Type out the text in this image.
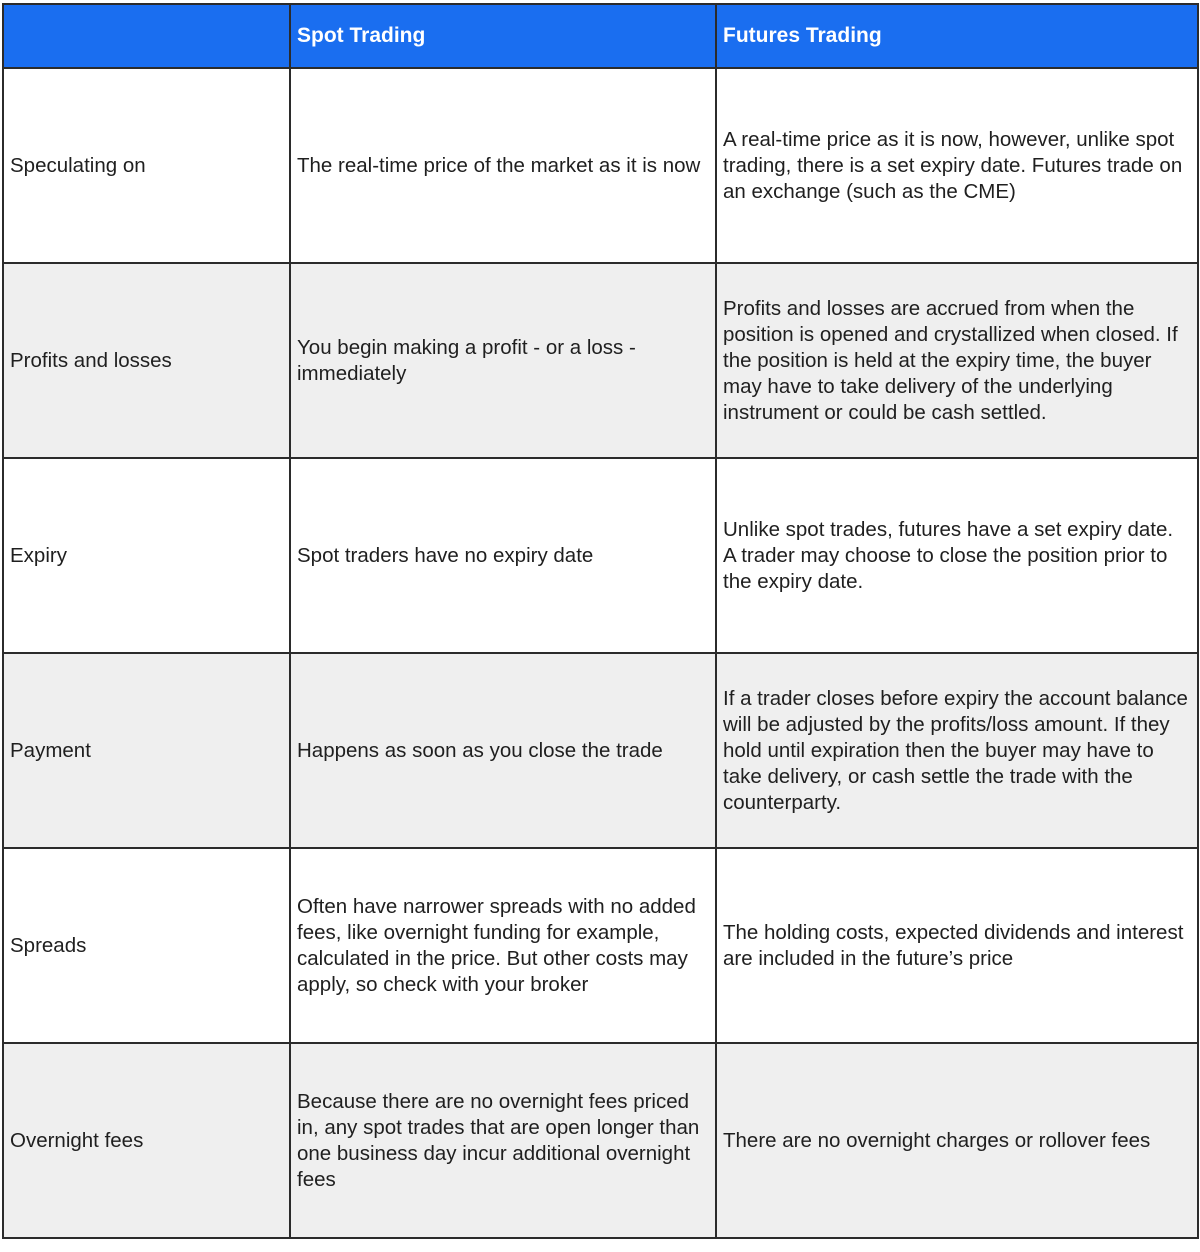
	Spot Trading	Futures Trading
Speculating on	The real-time price of the market as it is now	A real-time price as it is now, however, unlike spot trading, there is a set expiry date. Futures trade on an exchange (such as the CME)
Profits and losses	You begin making a profit - or a loss - immediately	Profits and losses are accrued from when the position is opened and crystallized when closed. If the position is held at the expiry time, the buyer may have to take delivery of the underlying instrument or could be cash settled.
Expiry	Spot traders have no expiry date	Unlike spot trades, futures have a set expiry date. A trader may choose to close the position prior to the expiry date.
Payment	Happens as soon as you close the trade	If a trader closes before expiry the account balance will be adjusted by the profits/loss amount. If they hold until expiration then the buyer may have to take delivery, or cash settle the trade with the counterparty.
Spreads	Often have narrower spreads with no added fees, like overnight funding for example, calculated in the price. But other costs may apply, so check with your broker	The holding costs, expected dividends and interest are included in the future’s price
Overnight fees	Because there are no overnight fees priced in, any spot trades that are open longer than one business day incur additional overnight fees	There are no overnight charges or rollover fees
